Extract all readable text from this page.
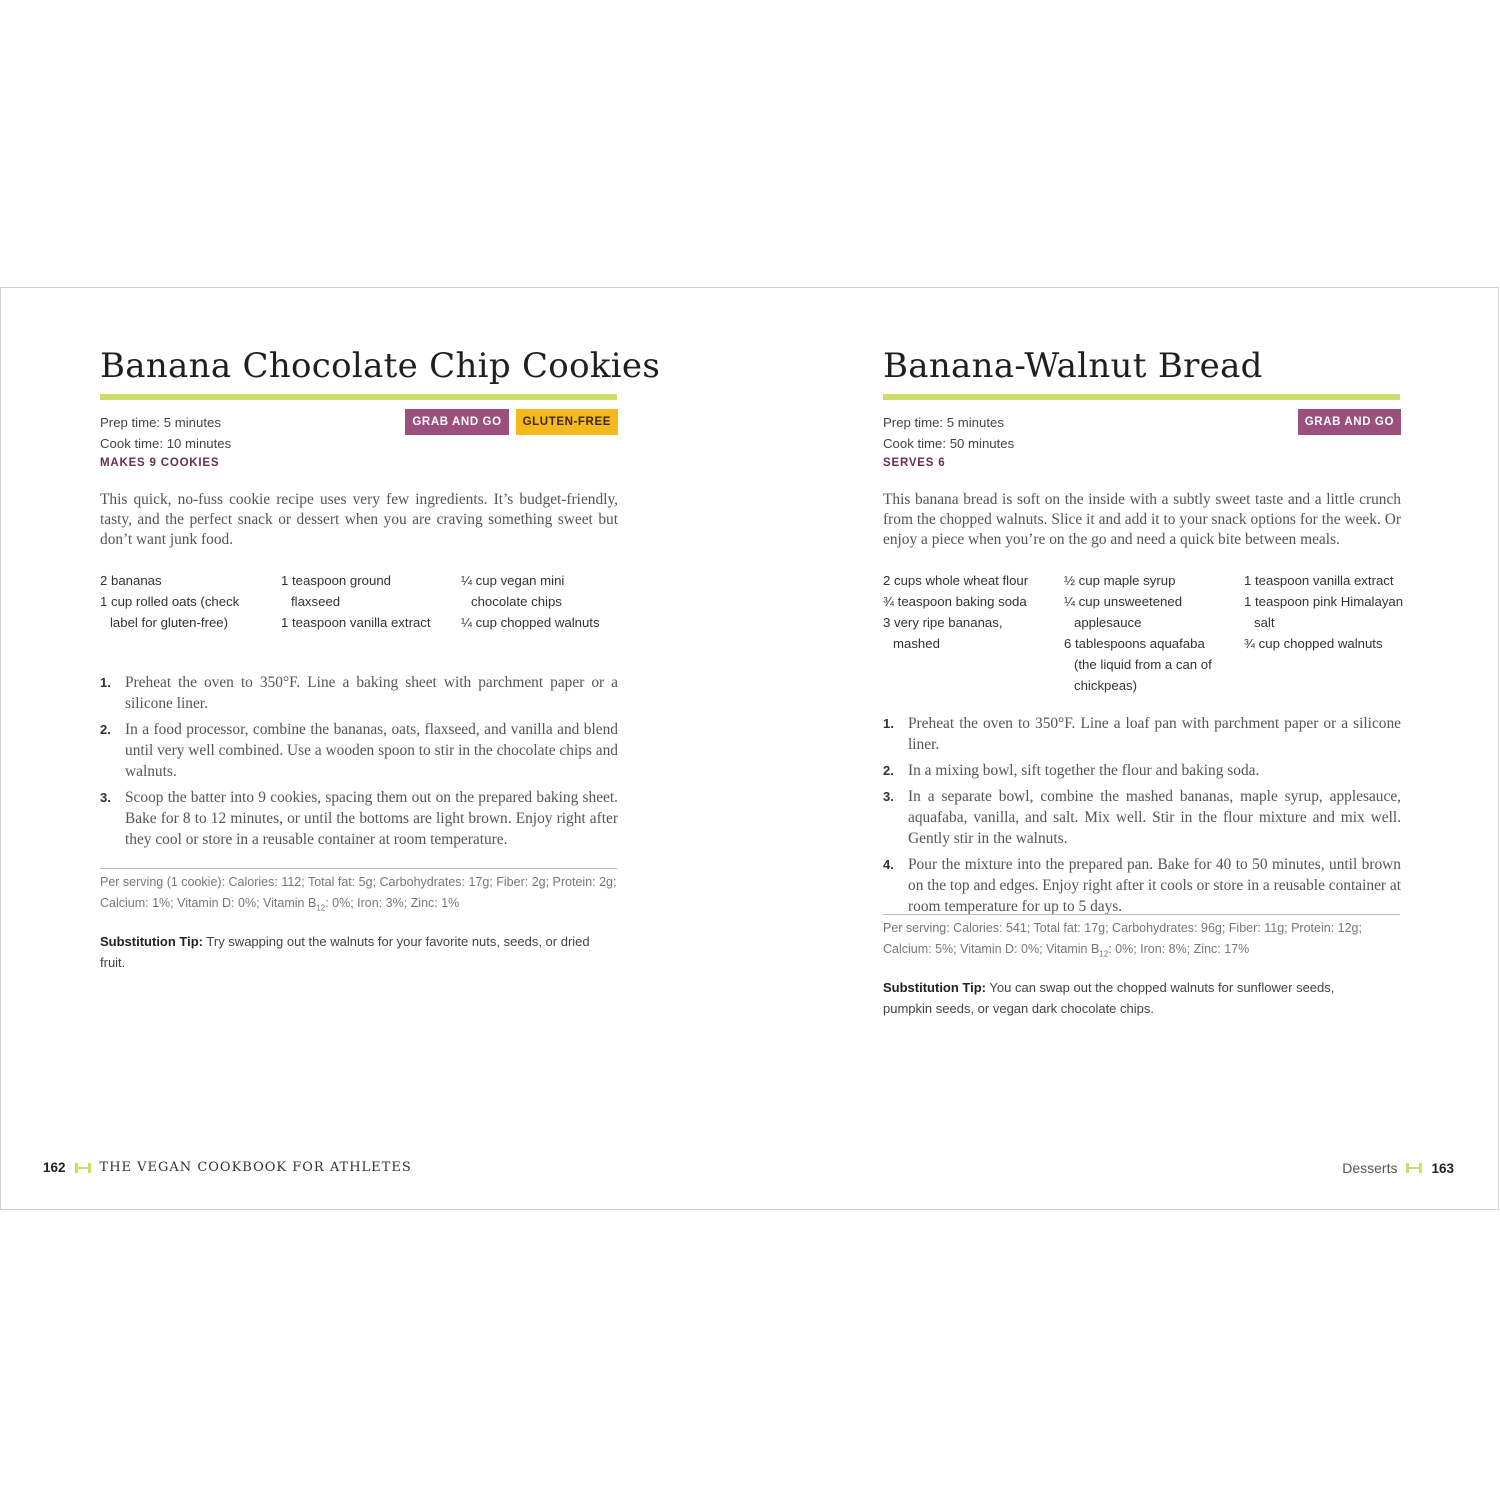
Banana Chocolate Chip Cookies
Prep time: 5 minutes
Cook time: 10 minutes
MAKES 9 COOKIES
GRAB AND GO	GLUTEN-FREE

This quick, no-fuss cookie recipe uses very few ingredients. It’s budget-friendly, tasty, and the perfect snack or dessert when you are craving something sweet but don’t want junk food.

2 bananas
1 cup rolled oats (check label for gluten-free)
1 teaspoon ground flaxseed
1 teaspoon vanilla extract
¼ cup vegan mini chocolate chips
¼ cup chopped walnuts
1. Preheat the oven to 350°F. Line a baking sheet with parchment paper or a silicone liner.
2. In a food processor, combine the bananas, oats, flaxseed, and vanilla and blend until very well combined. Use a wooden spoon to stir in the chocolate chips and walnuts.
3. Scoop the batter into 9 cookies, spacing them out on the prepared baking sheet. Bake for 8 to 12 minutes, or until the bottoms are light brown. Enjoy right after they cool or store in a reusable container at room temperature.
Per serving (1 cookie): Calories: 112; Total fat: 5g; Carbohydrates: 17g; Fiber: 2g; Protein: 2g; Calcium: 1%; Vitamin D: 0%; Vitamin $B_{12}$: 0%; Iron: 3%; Zinc: 1%
Substitution Tip: Try swapping out the walnuts for your favorite nuts, seeds, or dried fruit.
Banana-Walnut Bread
Prep time: 5 minutes
Cook time: 50 minutes
SERVES 6
GRAB AND GO

This banana bread is soft on the inside with a subtly sweet taste and a little crunch from the chopped walnuts. Slice it and add it to your snack options for the week. Or enjoy a piece when you’re on the go and need a quick bite between meals.

2 cups whole wheat flour
¾ teaspoon baking soda
3 very ripe bananas, mashed
½ cup maple syrup
¼ cup unsweetened applesauce
6 tablespoons aquafaba (the liquid from a can of chickpeas)
1 teaspoon vanilla extract
1 teaspoon pink Himalayan salt
¾ cup chopped walnuts
1. Preheat the oven to 350°F. Line a loaf pan with parchment paper or a silicone liner.
2. In a mixing bowl, sift together the flour and baking soda.
3. In a separate bowl, combine the mashed bananas, maple syrup, applesauce, aquafaba, vanilla, and salt. Mix well. Stir in the flour mixture and mix well. Gently stir in the walnuts.
4. Pour the mixture into the prepared pan. Bake for 40 to 50 minutes, until brown on the top and edges. Enjoy right after it cools or store in a reusable container at room temperature for up to 5 days.
Per serving: Calories: 541; Total fat: 17g; Carbohydrates: 96g; Fiber: 11g; Protein: 12g; Calcium: 5%; Vitamin D: 0%; Vitamin $B_{12}$: 0%; Iron: 8%; Zinc: 17%
Substitution Tip: You can swap out the chopped walnuts for sunflower seeds, pumpkin seeds, or vegan dark chocolate chips.
162	THE VEGAN COOKBOOK FOR ATHLETES	Desserts	163
